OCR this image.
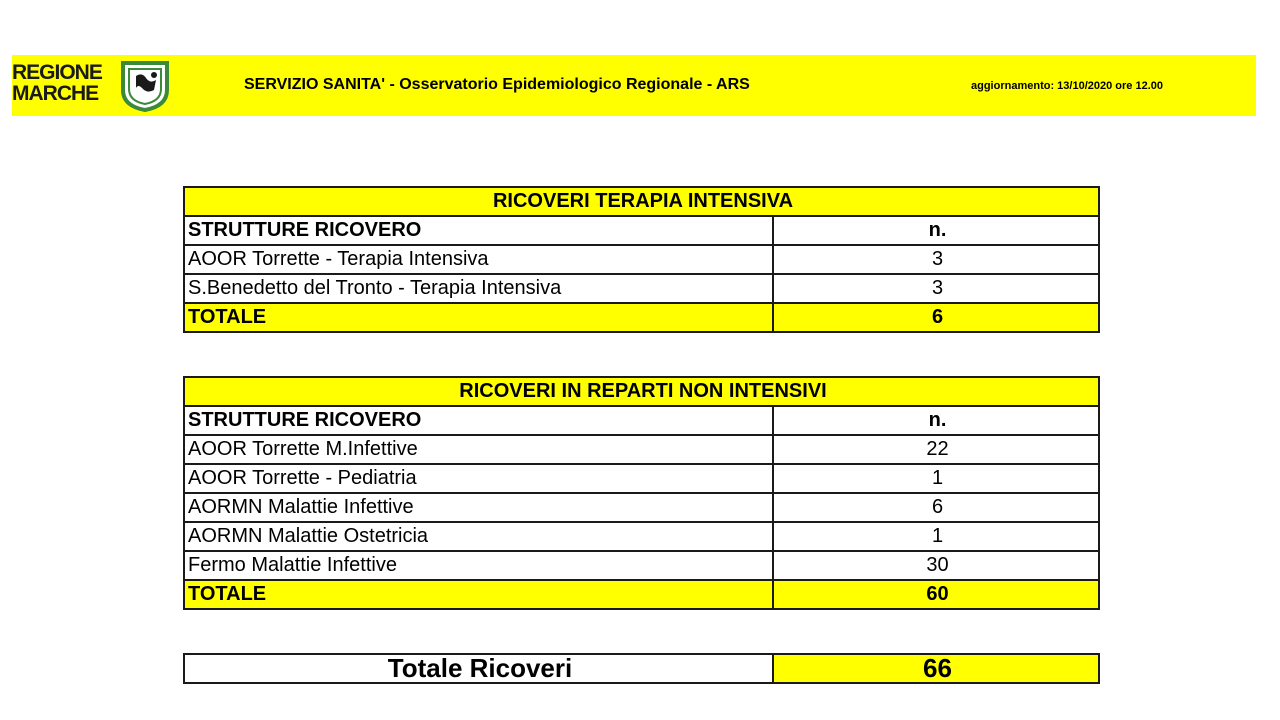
REGIONE
MARCHE	SERVIZIO SANITA' - Osservatorio Epidemiologico Regionale - ARS	aggiornamento: 13/10/2020 ore 12.00
RICOVERI TERAPIA INTENSIVA	
STRUTTURE RICOVERO	n.
AOOR Torrette - Terapia Intensiva	3
S.Benedetto del Tronto - Terapia Intensiva	3
TOTALE	6
RICOVERI IN REPARTI NON INTENSIVI	
STRUTTURE RICOVERO	n.
AOOR Torrette M.Infettive	22
AOOR Torrette - Pediatria	1
AORMN Malattie Infettive	6
AORMN Malattie Ostetricia	1
Fermo Malattie Infettive	30
TOTALE	60
Totale Ricoveri	66
